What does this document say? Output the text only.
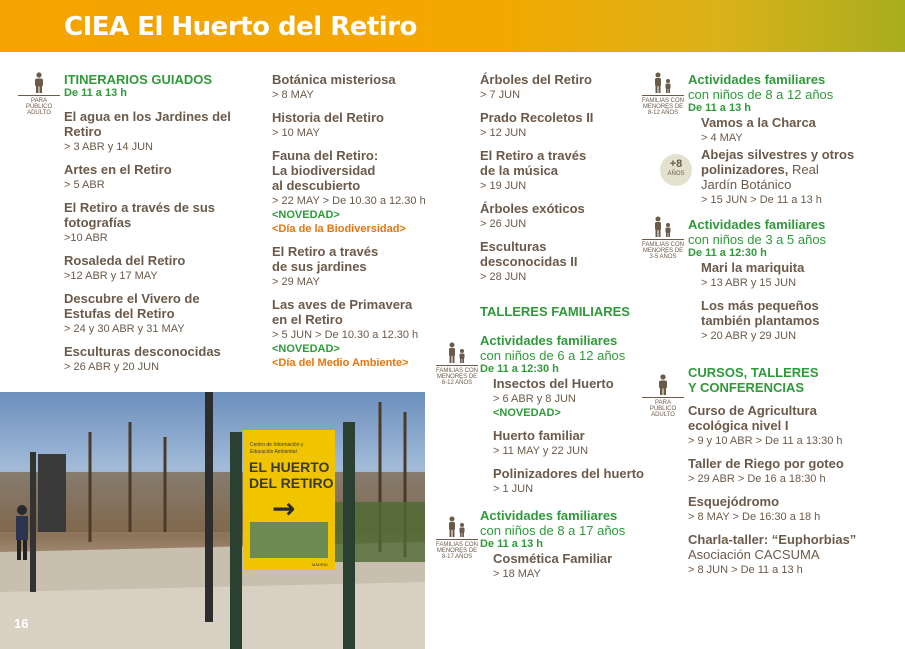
CIEA El Huerto del Retiro
PARA PÚBLICO ADULTO
FAMILIAS CON MENORES DE 8-12 AÑOS
+8
AÑOS
FAMILIAS CON MENORES DE 3-5 AÑOS
FAMILIAS CON MENORES DE 6-12 AÑOS
FAMILIAS CON MENORES DE 8-17 AÑOS
PARA PÚBLICO ADULTO
ITINERARIOS GUIADOS
De 11 a 13 h
El agua en los Jardines del Retiro
> 3 ABR y 14 JUN
Artes en el Retiro
> 5 ABR
El Retiro a través de sus fotografías
>10 ABR
Rosaleda del Retiro
>12 ABR y 17 MAY
Descubre el Vivero de Estufas del Retiro
> 24 y 30 ABR y 31 MAY
Esculturas desconocidas
> 26 ABR y 20 JUN
Botánica misteriosa
> 8 MAY
Historia del Retiro
> 10 MAY
Fauna del Retiro:
La biodiversidad
al descubierto
> 22 MAY > De 10.30 a 12.30 h
<NOVEDAD>
<Día de la Biodiversidad>
El Retiro a través
de sus jardines
> 29 MAY
Las aves de Primavera
en el Retiro
> 5 JUN > De 10.30 a 12.30 h
<NOVEDAD>
<Día del Medio Ambiente>
Árboles del Retiro
> 7 JUN
Prado Recoletos II
> 12 JUN
El Retiro a través
de la música
> 19 JUN
Árboles exóticos
> 26 JUN
Esculturas
desconocidas II
> 28 JUN
TALLERES FAMILIARES
Actividades familiares
con niños de 6 a 12 años
De 11 a 12:30 h
Insectos del Huerto
> 6 ABR y 8 JUN
<NOVEDAD>
Huerto familiar
> 11 MAY y 22 JUN
Polinizadores del huerto
> 1 JUN
Actividades familiares
con niños de 8 a 17 años
De 11 a 13 h
Cosmética Familiar
> 18 MAY
Actividades familiares
con niños de 8 a 12 años
De 11 a 13 h
Vamos a la Charca
> 4 MAY
Abejas silvestres y otros
polinizadores, Real
Jardín Botánico
> 15 JUN > De 11 a 13 h
Actividades familiares
con niños de 3 a 5 años
De 11 a 12:30 h
Mari la mariquita
> 13 ABR y 15 JUN
Los más pequeños
también plantamos
> 20 ABR y 29 JUN
CURSOS, TALLERES
Y CONFERENCIAS
Curso de Agricultura
ecológica nivel I
> 9 y 10 ABR > De 11 a 13:30 h
Taller de Riego por goteo
> 29 ABR > De 16 a 18:30 h
Esquejódromo
> 8 MAY > De 16:30 a 18 h
Charla-taller: “Euphorbias”
Asociación CACSUMA
> 8 JUN > De 11 a 13 h
Centro de Información y
Educación Ambiental
EL HUERTO
DEL RETIRO
→
MADRID
16
